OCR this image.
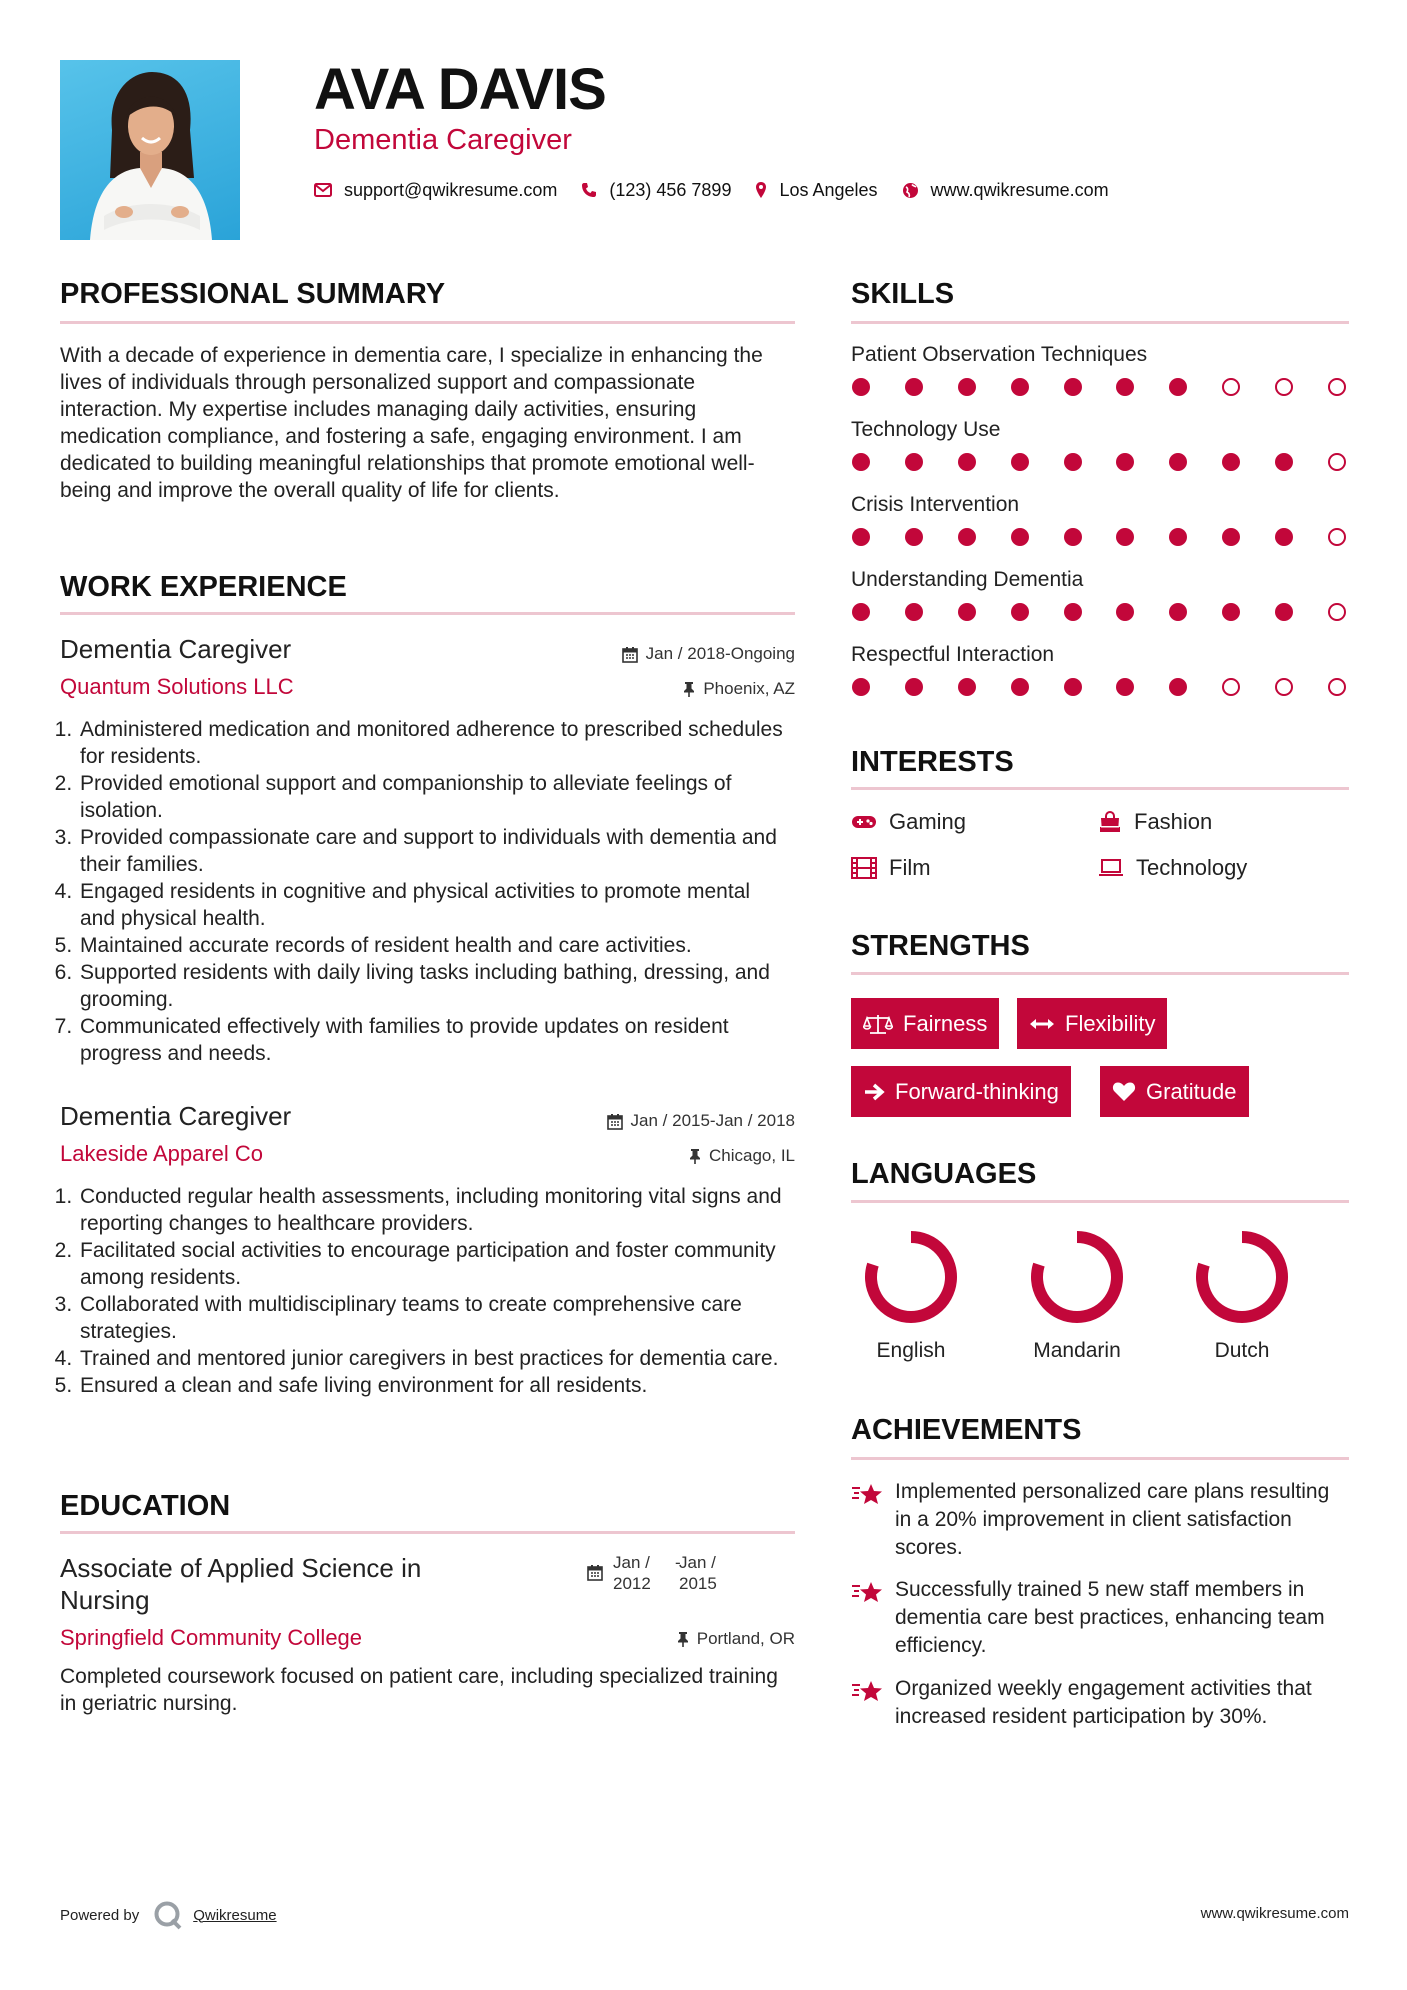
AVA DAVIS
Dementia Caregiver
support@qwikresume.com	(123) 456 7899	Los Angeles	www.qwikresume.com
PROFESSIONAL SUMMARY
With a decade of experience in dementia care, I specialize in enhancing the lives of individuals through personalized support and compassionate interaction. My expertise includes managing daily activities, ensuring medication compliance, and fostering a safe, engaging environment. I am dedicated to building meaningful relationships that promote emotional well-being and improve the overall quality of life for clients.
WORK EXPERIENCE
Dementia Caregiver
Quantum Solutions LLC
Jan / 2018-Ongoing
Phoenix, AZ
1. Administered medication and monitored adherence to prescribed schedules for residents.
2. Provided emotional support and companionship to alleviate feelings of isolation.
3. Provided compassionate care and support to individuals with dementia and their families.
4. Engaged residents in cognitive and physical activities to promote mental and physical health.
5. Maintained accurate records of resident health and care activities.
6. Supported residents with daily living tasks including bathing, dressing, and grooming.
7. Communicated effectively with families to provide updates on resident progress and needs.
Dementia Caregiver
Lakeside Apparel Co
Jan / 2015-Jan / 2018
Chicago, IL
1. Conducted regular health assessments, including monitoring vital signs and reporting changes to healthcare providers.
2. Facilitated social activities to encourage participation and foster community among residents.
3. Collaborated with multidisciplinary teams to create comprehensive care strategies.
4. Trained and mentored junior caregivers in best practices for dementia care.
5. Ensured a clean and safe living environment for all residents.
EDUCATION
Associate of Applied Science in Nursing
Jan / 2012
-
Jan / 2015
Springfield Community College	Portland, OR
Completed coursework focused on patient care, including specialized training in geriatric nursing.
SKILLS
Patient Observation Techniques
Technology Use
Crisis Intervention
Understanding Dementia
Respectful Interaction
INTERESTS
Gaming	Fashion
Film	Technology
STRENGTHS
Fairness	Flexibility
Forward-thinking	Gratitude
LANGUAGES
English	Mandarin	Dutch
ACHIEVEMENTS
Implemented personalized care plans resulting in a 20% improvement in client satisfaction scores.
Successfully trained 5 new staff members in dementia care best practices, enhancing team efficiency.
Organized weekly engagement activities that increased resident participation by 30%.
Powered by	Qwikresume	www.qwikresume.com
